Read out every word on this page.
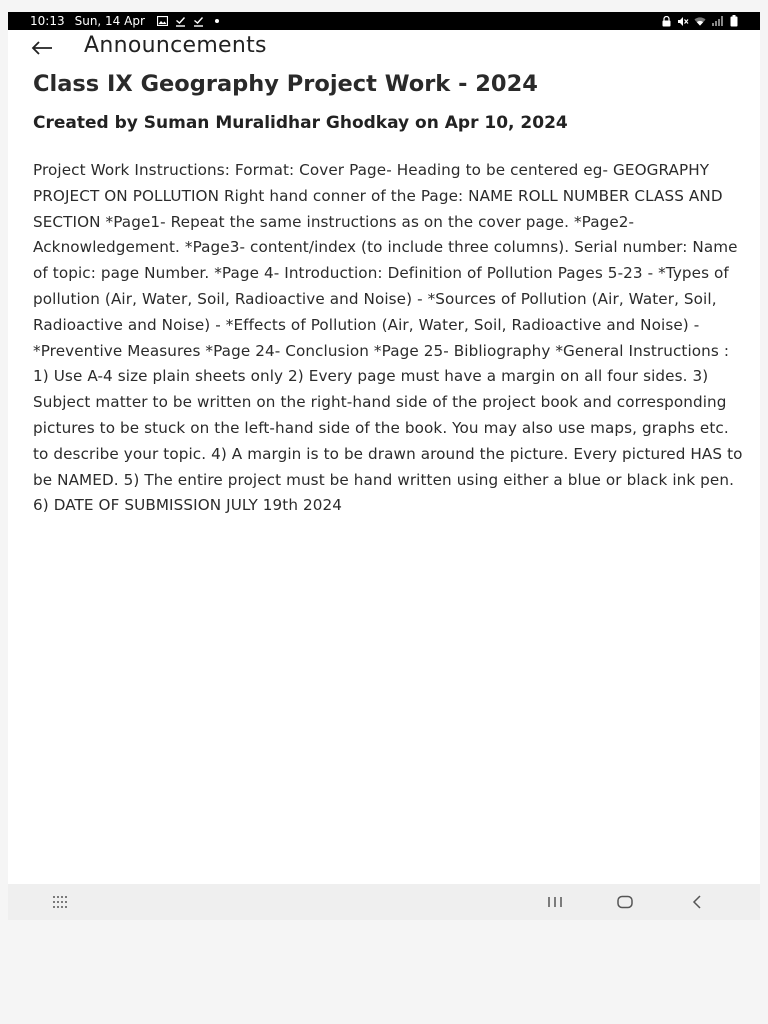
10:13 Sun, 14 Apr
Announcements
Class IX Geography Project Work - 2024
Created by Suman Muralidhar Ghodkay on Apr 10, 2024
Project Work Instructions: Format: Cover Page- Heading to be centered eg- GEOGRAPHY PROJECT ON POLLUTION Right hand conner of the Page: NAME ROLL NUMBER CLASS AND SECTION *Page1- Repeat the same instructions as on the cover page. *Page2- Acknowledgement. *Page3- content/index (to include three columns). Serial number: Name of topic: page Number. *Page 4- Introduction: Definition of Pollution Pages 5-23 - *Types of pollution (Air, Water, Soil, Radioactive and Noise) - *Sources of Pollution (Air, Water, Soil, Radioactive and Noise) - *Effects of Pollution (Air, Water, Soil, Radioactive and Noise) - *Preventive Measures *Page 24- Conclusion *Page 25- Bibliography *General Instructions : 1) Use A-4 size plain sheets only 2) Every page must have a margin on all four sides. 3) Subject matter to be written on the right-hand side of the project book and corresponding pictures to be stuck on the left-hand side of the book. You may also use maps, graphs etc. to describe your topic. 4) A margin is to be drawn around the picture. Every pictured HAS to be NAMED. 5) The entire project must be hand written using either a blue or black ink pen. 6) DATE OF SUBMISSION JULY 19th 2024
